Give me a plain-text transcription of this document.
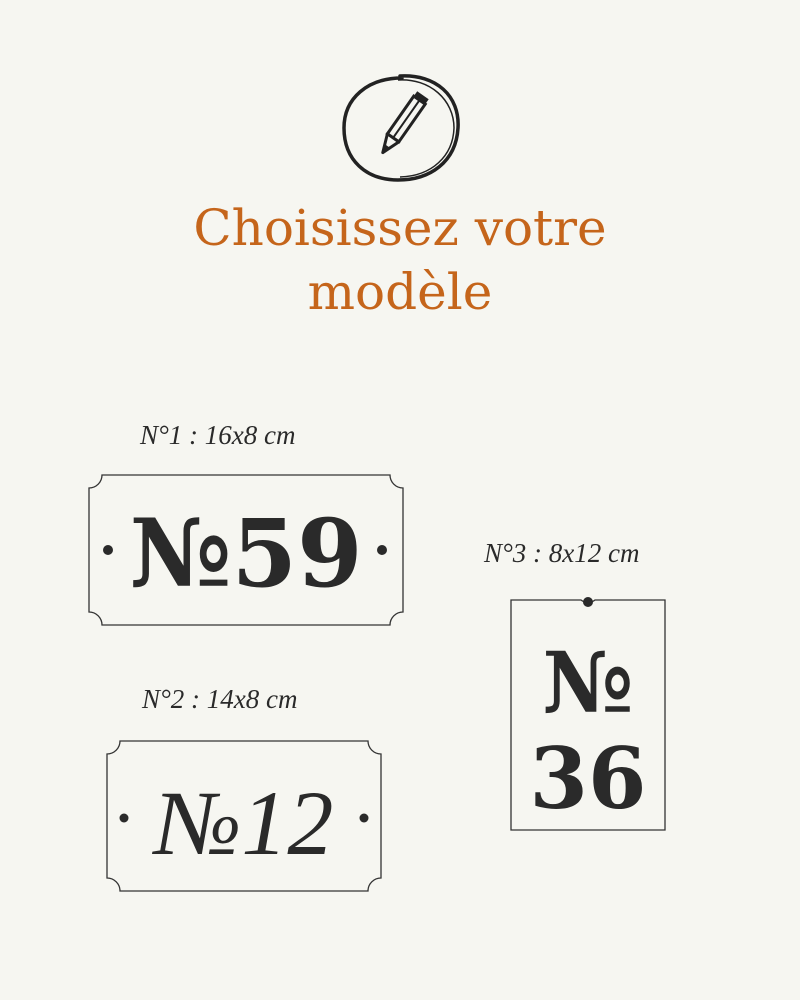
Choisissez votre
modèle
N°1 : 16x8 cm
N°2 : 14x8 cm
N°3 : 8x12 cm
№59
№12
№
36
